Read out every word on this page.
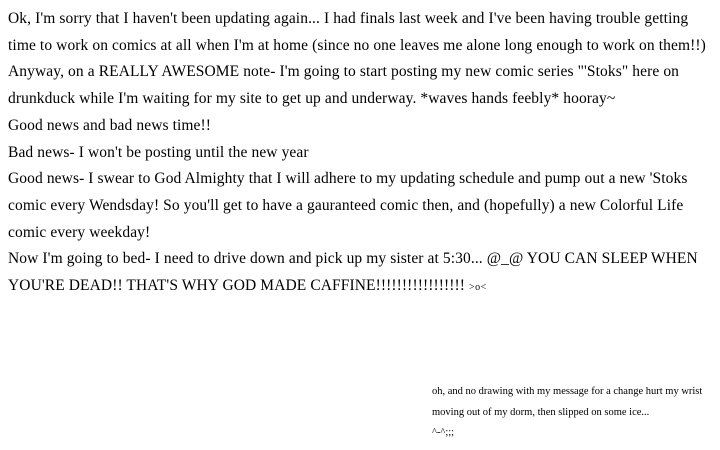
Ok, I'm sorry that I haven't been updating again... I had finals last week and I've been having trouble getting time to work on comics at all when I'm at home (since no one leaves me alone long enough to work on them!!)

Anyway, on a REALLY AWESOME note- I'm going to start posting my new comic series "'Stoks" here on drunkduck while I'm waiting for my site to get up and underway. *waves hands feebly* hooray~

Good news and bad news time!!

Bad news- I won't be posting until the new year

Good news- I swear to God Almighty that I will adhere to my updating schedule and pump out a new 'Stoks comic every Wendsday! So you'll get to have a gauranteed comic then, and (hopefully) a new Colorful Life comic every weekday!

Now I'm going to bed- I need to drive down and pick up my sister at 5:30... @_@ YOU CAN SLEEP WHEN YOU'RE DEAD!! THAT'S WHY GOD MADE CAFFINE!!!!!!!!!!!!!!!!! >o<

oh, and no drawing with my message for a change hurt my wrist moving out of my dorm, then slipped on some ice...

^-^;;;
